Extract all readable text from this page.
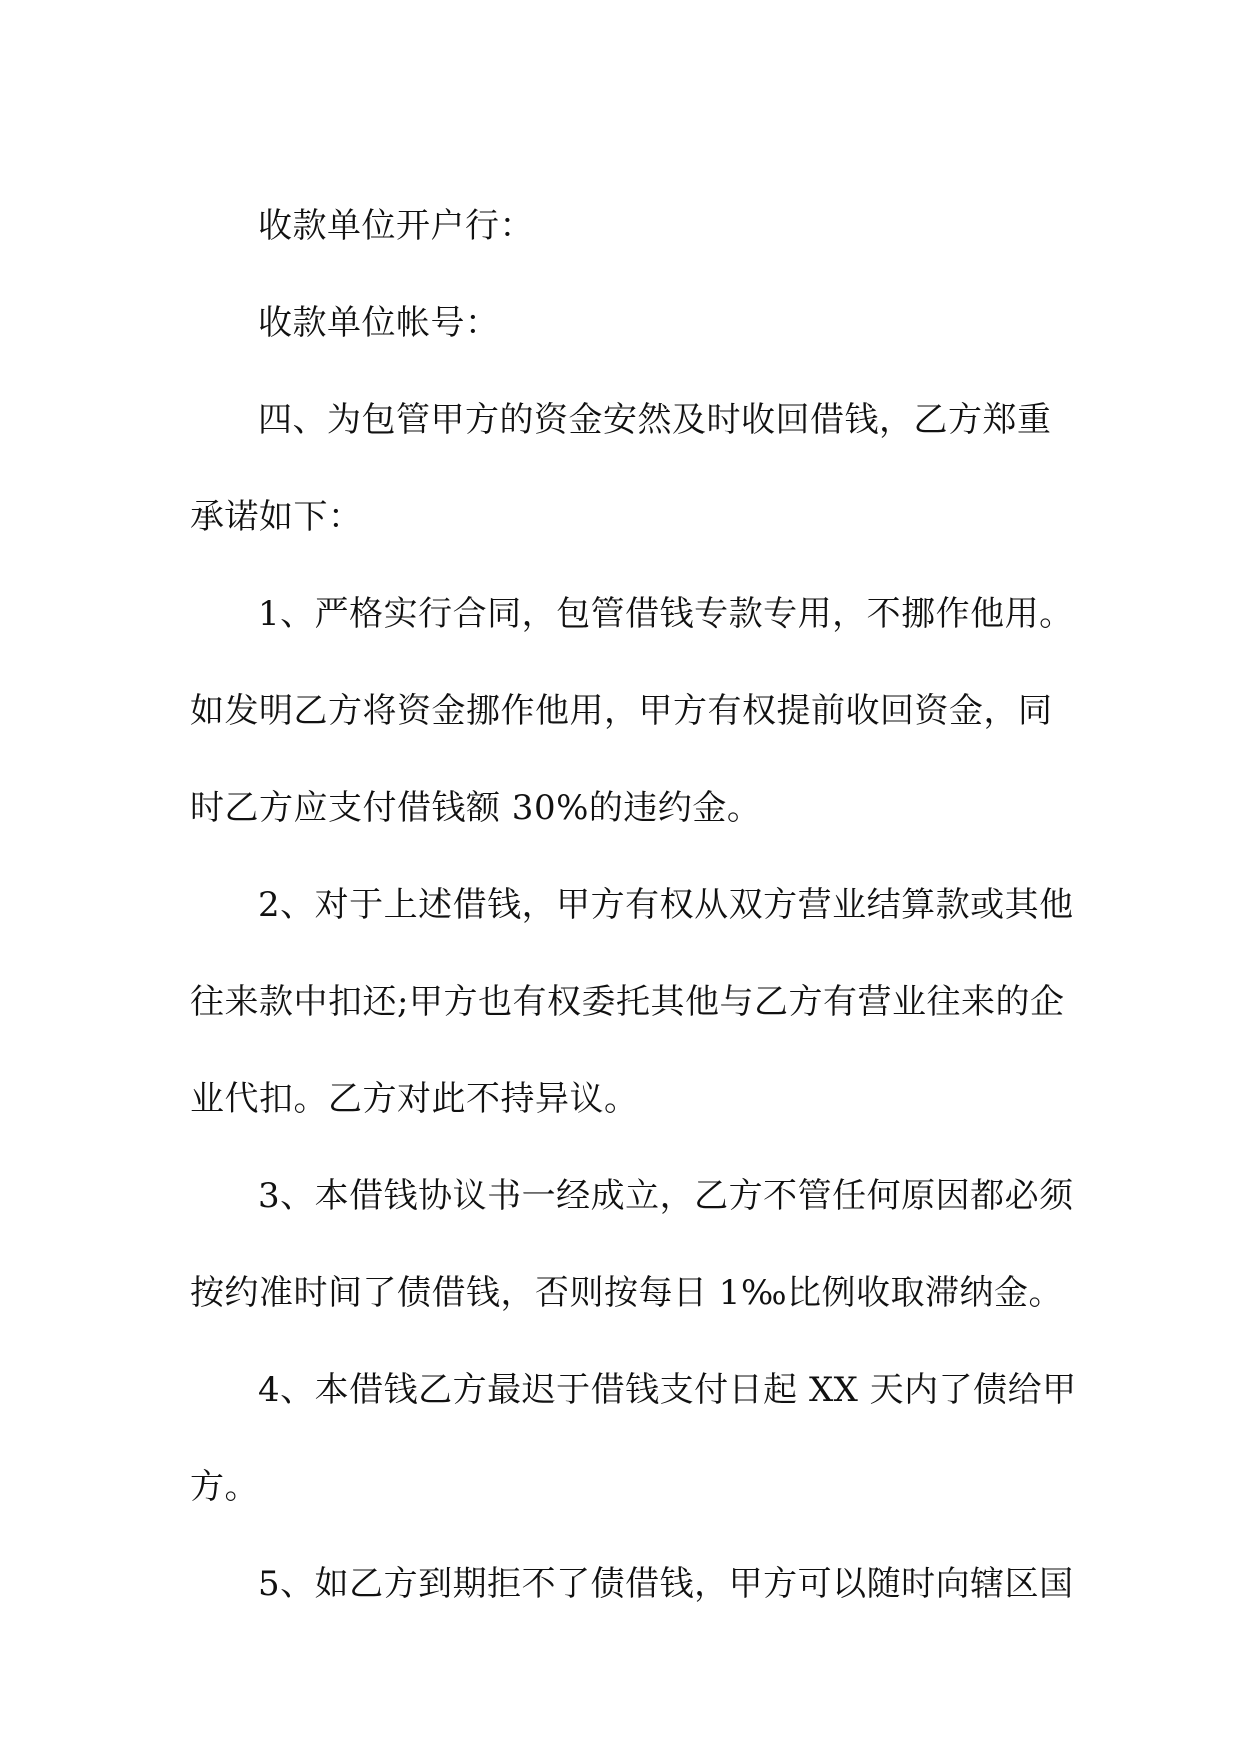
收款单位开户行：
收款单位帐号：
四、为包管甲方的资金安然及时收回借钱，乙方郑重
承诺如下：
1、严格实行合同，包管借钱专款专用，不挪作他用。
如发明乙方将资金挪作他用，甲方有权提前收回资金，同
时乙方应支付借钱额 30%的违约金。
2、对于上述借钱，甲方有权从双方营业结算款或其他
往来款中扣还;甲方也有权委托其他与乙方有营业往来的企
业代扣。乙方对此不持异议。
3、本借钱协议书一经成立，乙方不管任何原因都必须
按约准时间了债借钱，否则按每日 1‰比例收取滞纳金。
4、本借钱乙方最迟于借钱支付日起 XX 天内了债给甲
方。
5、如乙方到期拒不了债借钱，甲方可以随时向辖区国
